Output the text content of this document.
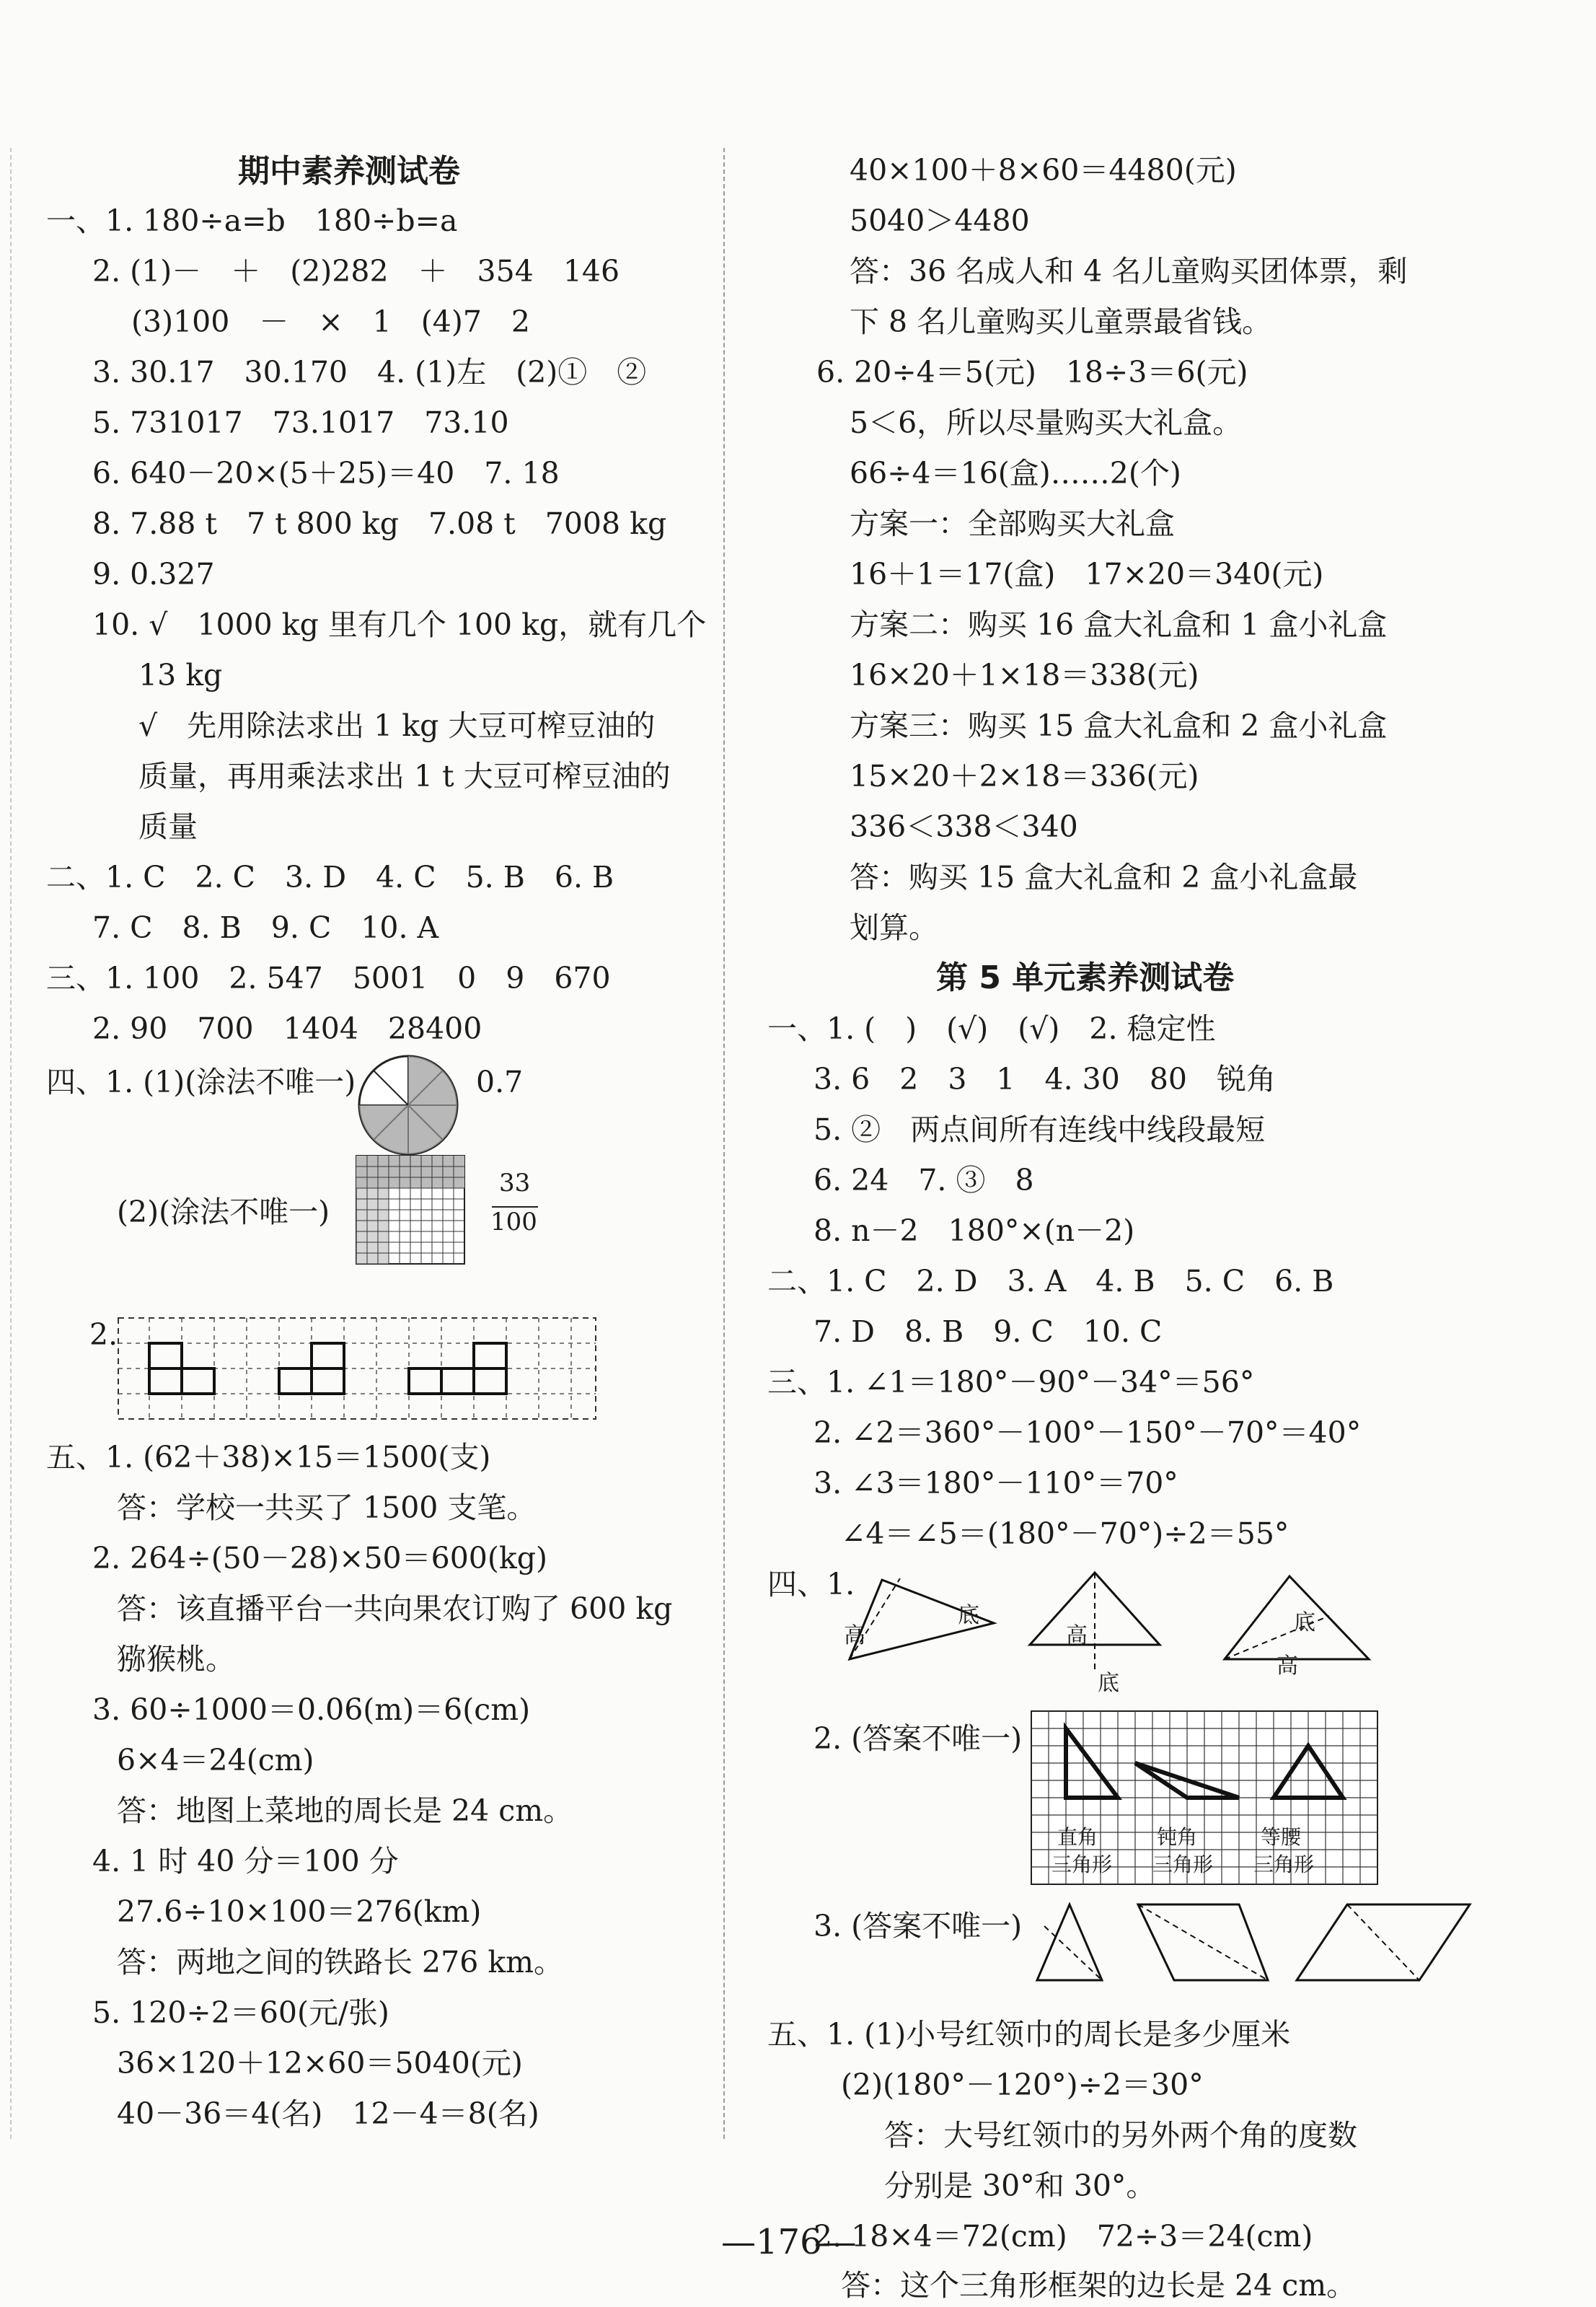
期中素养测试卷
一、1. 180÷a=b　180÷b=a
2. (1)－　＋　(2)282　＋　354　146
(3)100　－　×　1　(4)7　2
3. 30.17　30.170　4. (1)左　(2)①　②
5. 731017　73.1017　73.10
6. 640－20×(5＋25)＝40　7. 18
8. 7.88 t　7 t 800 kg　7.08 t　7008 kg
9. 0.327
10. √　1000 kg 里有几个 100 kg，就有几个
13 kg
√　先用除法求出 1 kg 大豆可榨豆油的
质量，再用乘法求出 1 t 大豆可榨豆油的
质量
二、1. C　2. C　3. D　4. C　5. B　6. B
7. C　8. B　9. C　10. A
三、1. 100　2. 547　5001　0　9　670
2. 90　700　1404　28400
四、1. (1)(涂法不唯一)	0.7
(2)(涂法不唯一)
33
100
2.
五、1. (62＋38)×15＝1500(支)
答：学校一共买了 1500 支笔。
2. 264÷(50－28)×50＝600(kg)
答：该直播平台一共向果农订购了 600 kg
猕猴桃。
3. 60÷1000＝0.06(m)＝6(cm)
6×4＝24(cm)
答：地图上菜地的周长是 24 cm。
4. 1 时 40 分＝100 分
27.6÷10×100＝276(km)
答：两地之间的铁路长 276 km。
5. 120÷2＝60(元/张)
36×120＋12×60＝5040(元)
40－36＝4(名)　12－4＝8(名)
40×100＋8×60＝4480(元)
5040＞4480
答：36 名成人和 4 名儿童购买团体票，剩
下 8 名儿童购买儿童票最省钱。
6. 20÷4＝5(元)　18÷3＝6(元)
5＜6，所以尽量购买大礼盒。
66÷4＝16(盒)……2(个)
方案一：全部购买大礼盒
16＋1＝17(盒)　17×20＝340(元)
方案二：购买 16 盒大礼盒和 1 盒小礼盒
16×20＋1×18＝338(元)
方案三：购买 15 盒大礼盒和 2 盒小礼盒
15×20＋2×18＝336(元)
336＜338＜340
答：购买 15 盒大礼盒和 2 盒小礼盒最
划算。
第 5 单元素养测试卷
一、1. (　)　(√)　(√)　2. 稳定性
3. 6　2　3　1　4. 30　80　锐角
5. ②　两点间所有连线中线段最短
6. 24　7. ③　8
8. n－2　180°×(n－2)
二、1. C　2. D　3. A　4. B　5. C　6. B
7. D　8. B　9. C　10. C
三、1. ∠1＝180°－90°－34°＝56°
2. ∠2＝360°－100°－150°－70°＝40°
3. ∠3＝180°－110°＝70°
∠4＝∠5＝(180°－70°)÷2＝55°
四、1.
高
底
高
底
底
高
2. (答案不唯一)
直角
三角形
钝角
三角形
等腰
三角形
3. (答案不唯一)
五、1. (1)小号红领巾的周长是多少厘米
(2)(180°－120°)÷2＝30°
答：大号红领巾的另外两个角的度数
分别是 30°和 30°。
2. 18×4＝72(cm)　72÷3＝24(cm)
答：这个三角形框架的边长是 24 cm。
—176—
